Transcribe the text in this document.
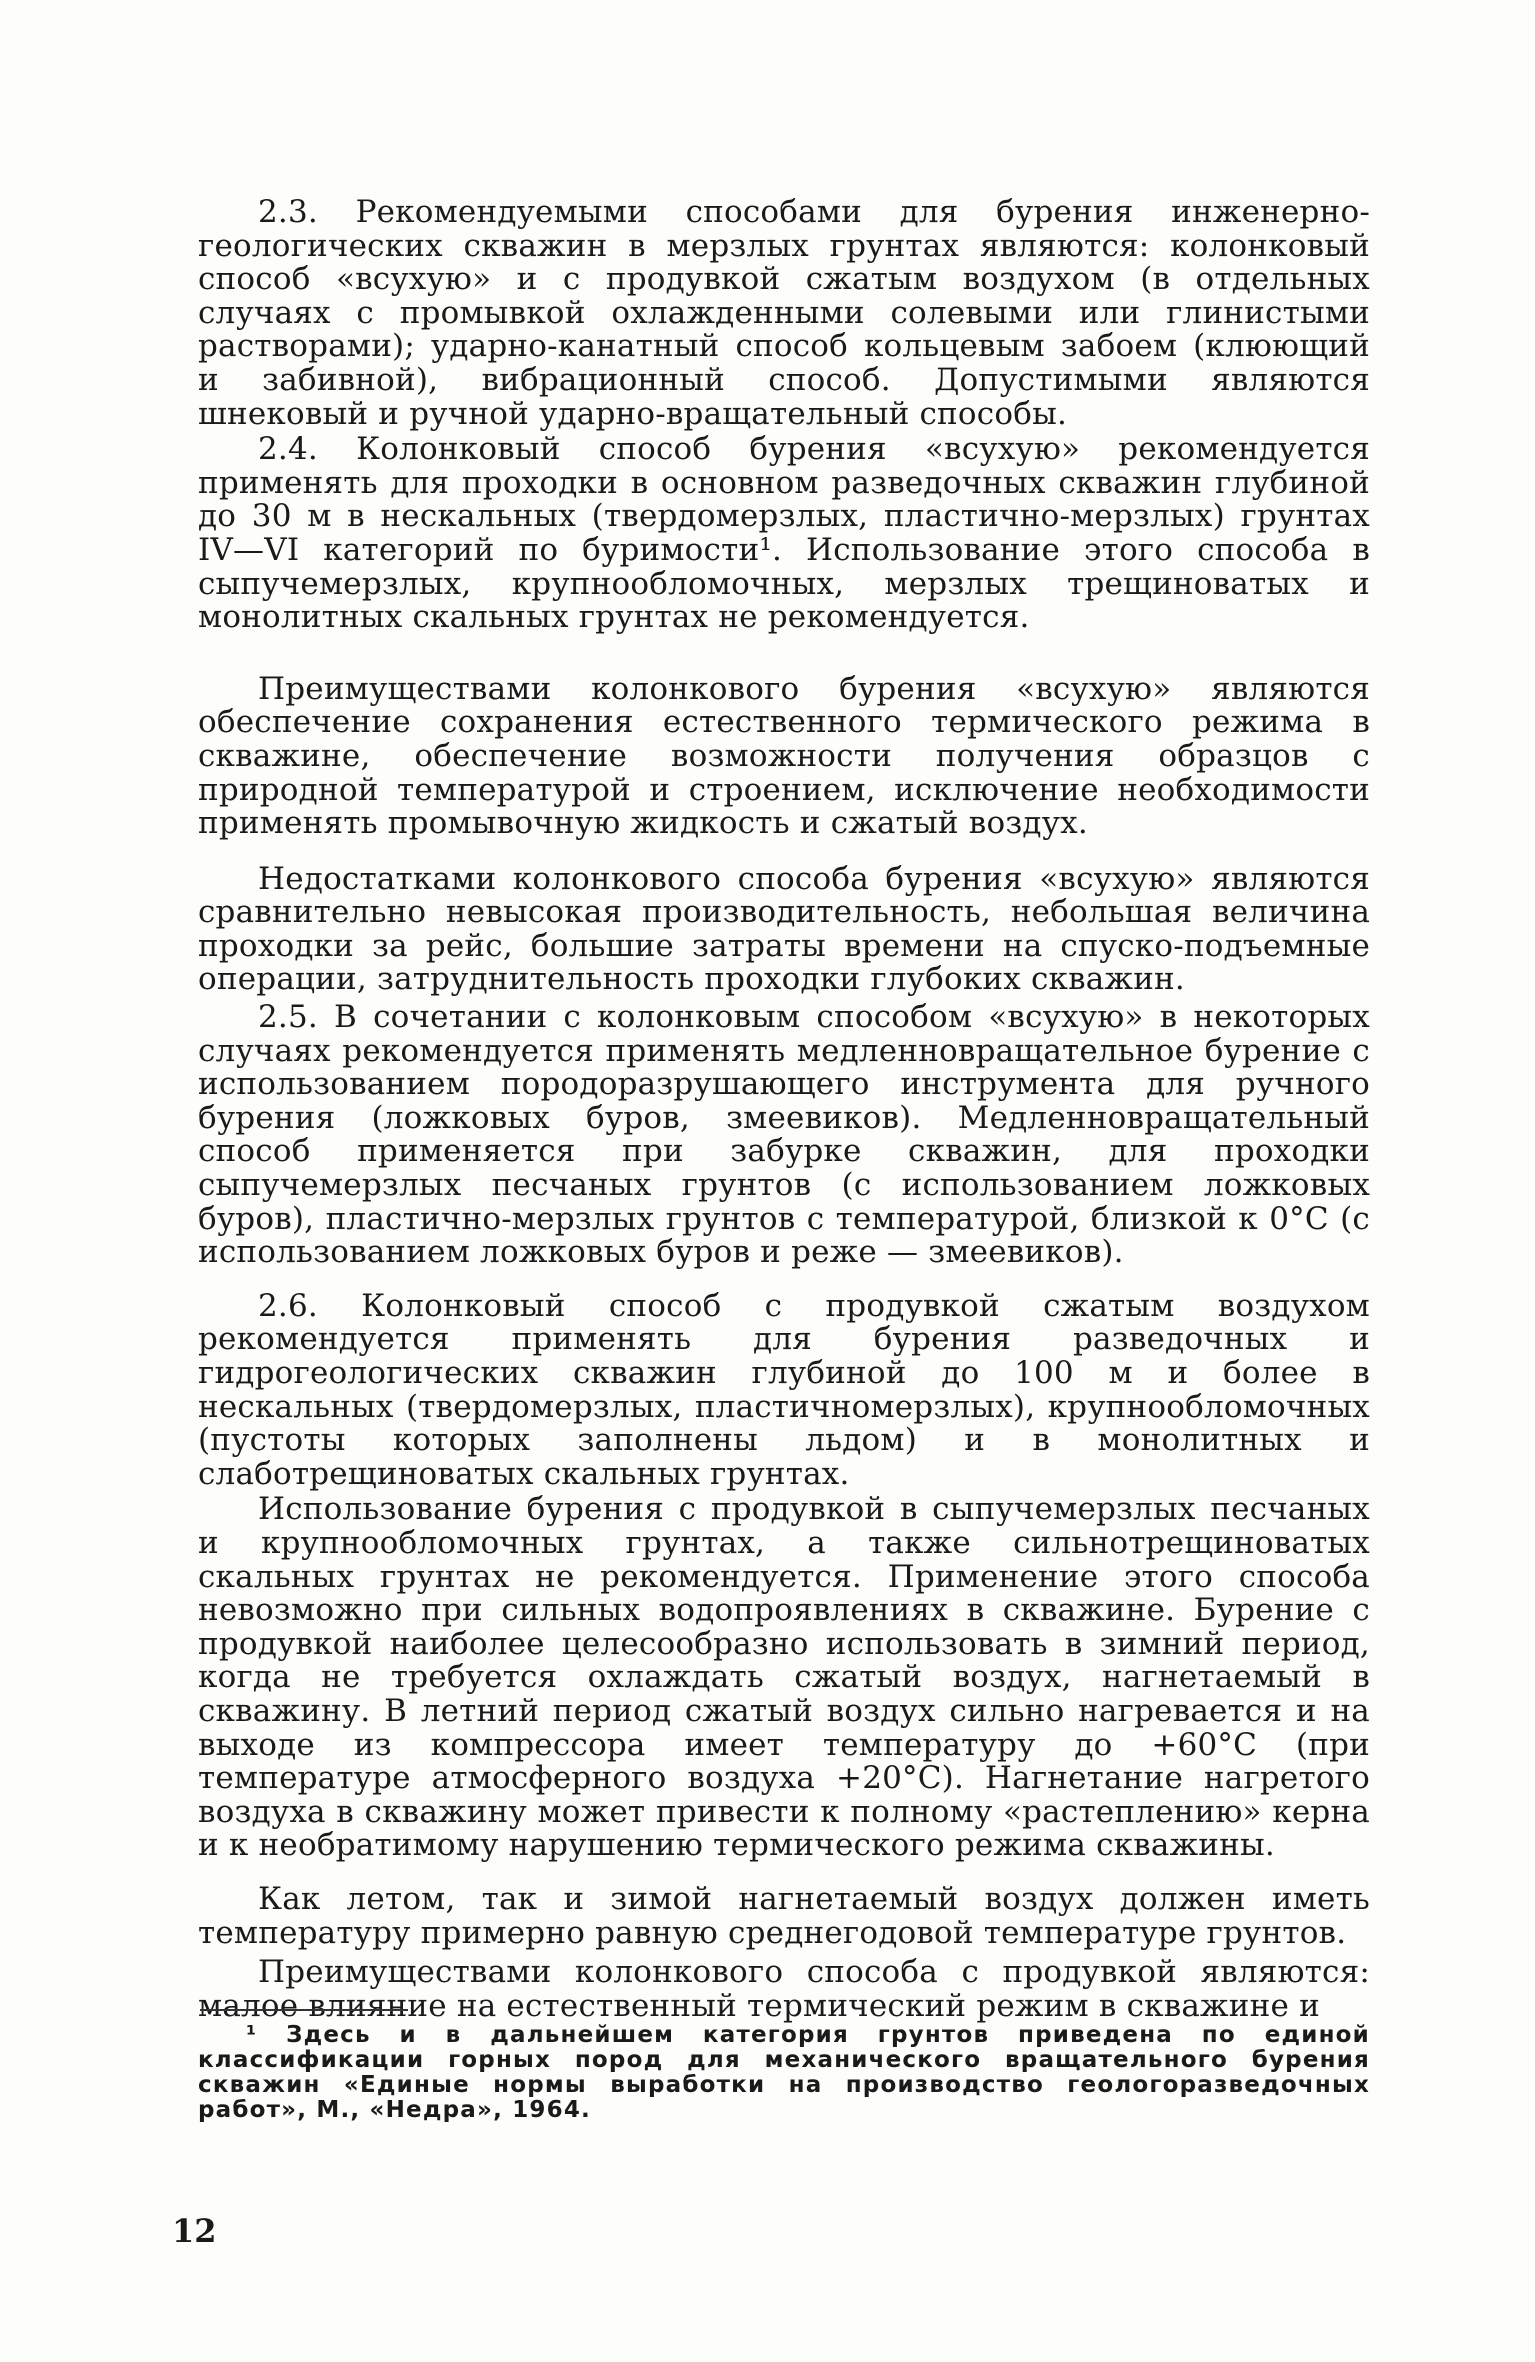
2.3. Рекомендуемыми способами для бурения инженерно-геологических скважин в мерзлых грунтах являются: колонковый способ «всухую» и с продувкой сжатым воздухом (в отдельных случаях с промывкой охлажденными солевыми или глинистыми растворами); ударно-канатный способ кольцевым забоем (клюющий и забивной), вибрационный способ. Допустимыми являются шнековый и ручной ударно-вращательный способы.

2.4. Колонковый способ бурения «всухую» рекомендуется применять для проходки в основном разведочных скважин глубиной до 30 м в нескальных (твердомерзлых, пластично-мерзлых) грунтах IV—VI категорий по буримости¹. Использование этого способа в сыпучемерзлых, крупнообломочных, мерзлых трещиноватых и монолитных скальных грунтах не рекомендуется.

Преимуществами колонкового бурения «всухую» являются обеспечение сохранения естественного термического режима в скважине, обеспечение возможности получения образцов с природной температурой и строением, исключение необходимости применять промывочную жидкость и сжатый воздух.

Недостатками колонкового способа бурения «всухую» являются сравнительно невысокая производительность, небольшая величина проходки за рейс, большие затраты времени на спуско-подъемные операции, затруднительность проходки глубоких скважин.

2.5. В сочетании с колонковым способом «всухую» в некоторых случаях рекомендуется применять медленновращательное бурение с использованием породоразрушающего инструмента для ручного бурения (ложковых буров, змеевиков). Медленновращательный способ применяется при забурке скважин, для проходки сыпучемерзлых песчаных грунтов (с использованием ложковых буров), пластично-мерзлых грунтов с температурой, близкой к 0°С (с использованием ложковых буров и реже — змеевиков).

2.6. Колонковый способ с продувкой сжатым воздухом рекомендуется применять для бурения разведочных и гидрогеологических скважин глубиной до 100 м и более в нескальных (твердомерзлых, пластичномерзлых), крупнообломочных (пустоты которых заполнены льдом) и в монолитных и слаботрещиноватых скальных грунтах.

Использование бурения с продувкой в сыпучемерзлых песчаных и крупнообломочных грунтах, а также сильнотрещиноватых скальных грунтах не рекомендуется. Применение этого способа невозможно при сильных водопроявлениях в скважине. Бурение с продувкой наиболее целесообразно использовать в зимний период, когда не требуется охлаждать сжатый воздух, нагнетаемый в скважину. В летний период сжатый воздух сильно нагревается и на выходе из компрессора имеет температуру до +60°С (при температуре атмосферного воздуха +20°С). Нагнетание нагретого воздуха в скважину может привести к полному «растеплению» керна и к необратимому нарушению термического режима скважины.

Как летом, так и зимой нагнетаемый воздух должен иметь температуру примерно равную среднегодовой температуре грунтов.

Преимуществами колонкового способа с продувкой являются: малое влияние на естественный термический режим в скважине и

¹ Здесь и в дальнейшем категория грунтов приведена по единой классификации горных пород для механического вращательного бурения скважин «Единые нормы выработки на производство геологоразведочных работ», М., «Недра», 1964.

12
